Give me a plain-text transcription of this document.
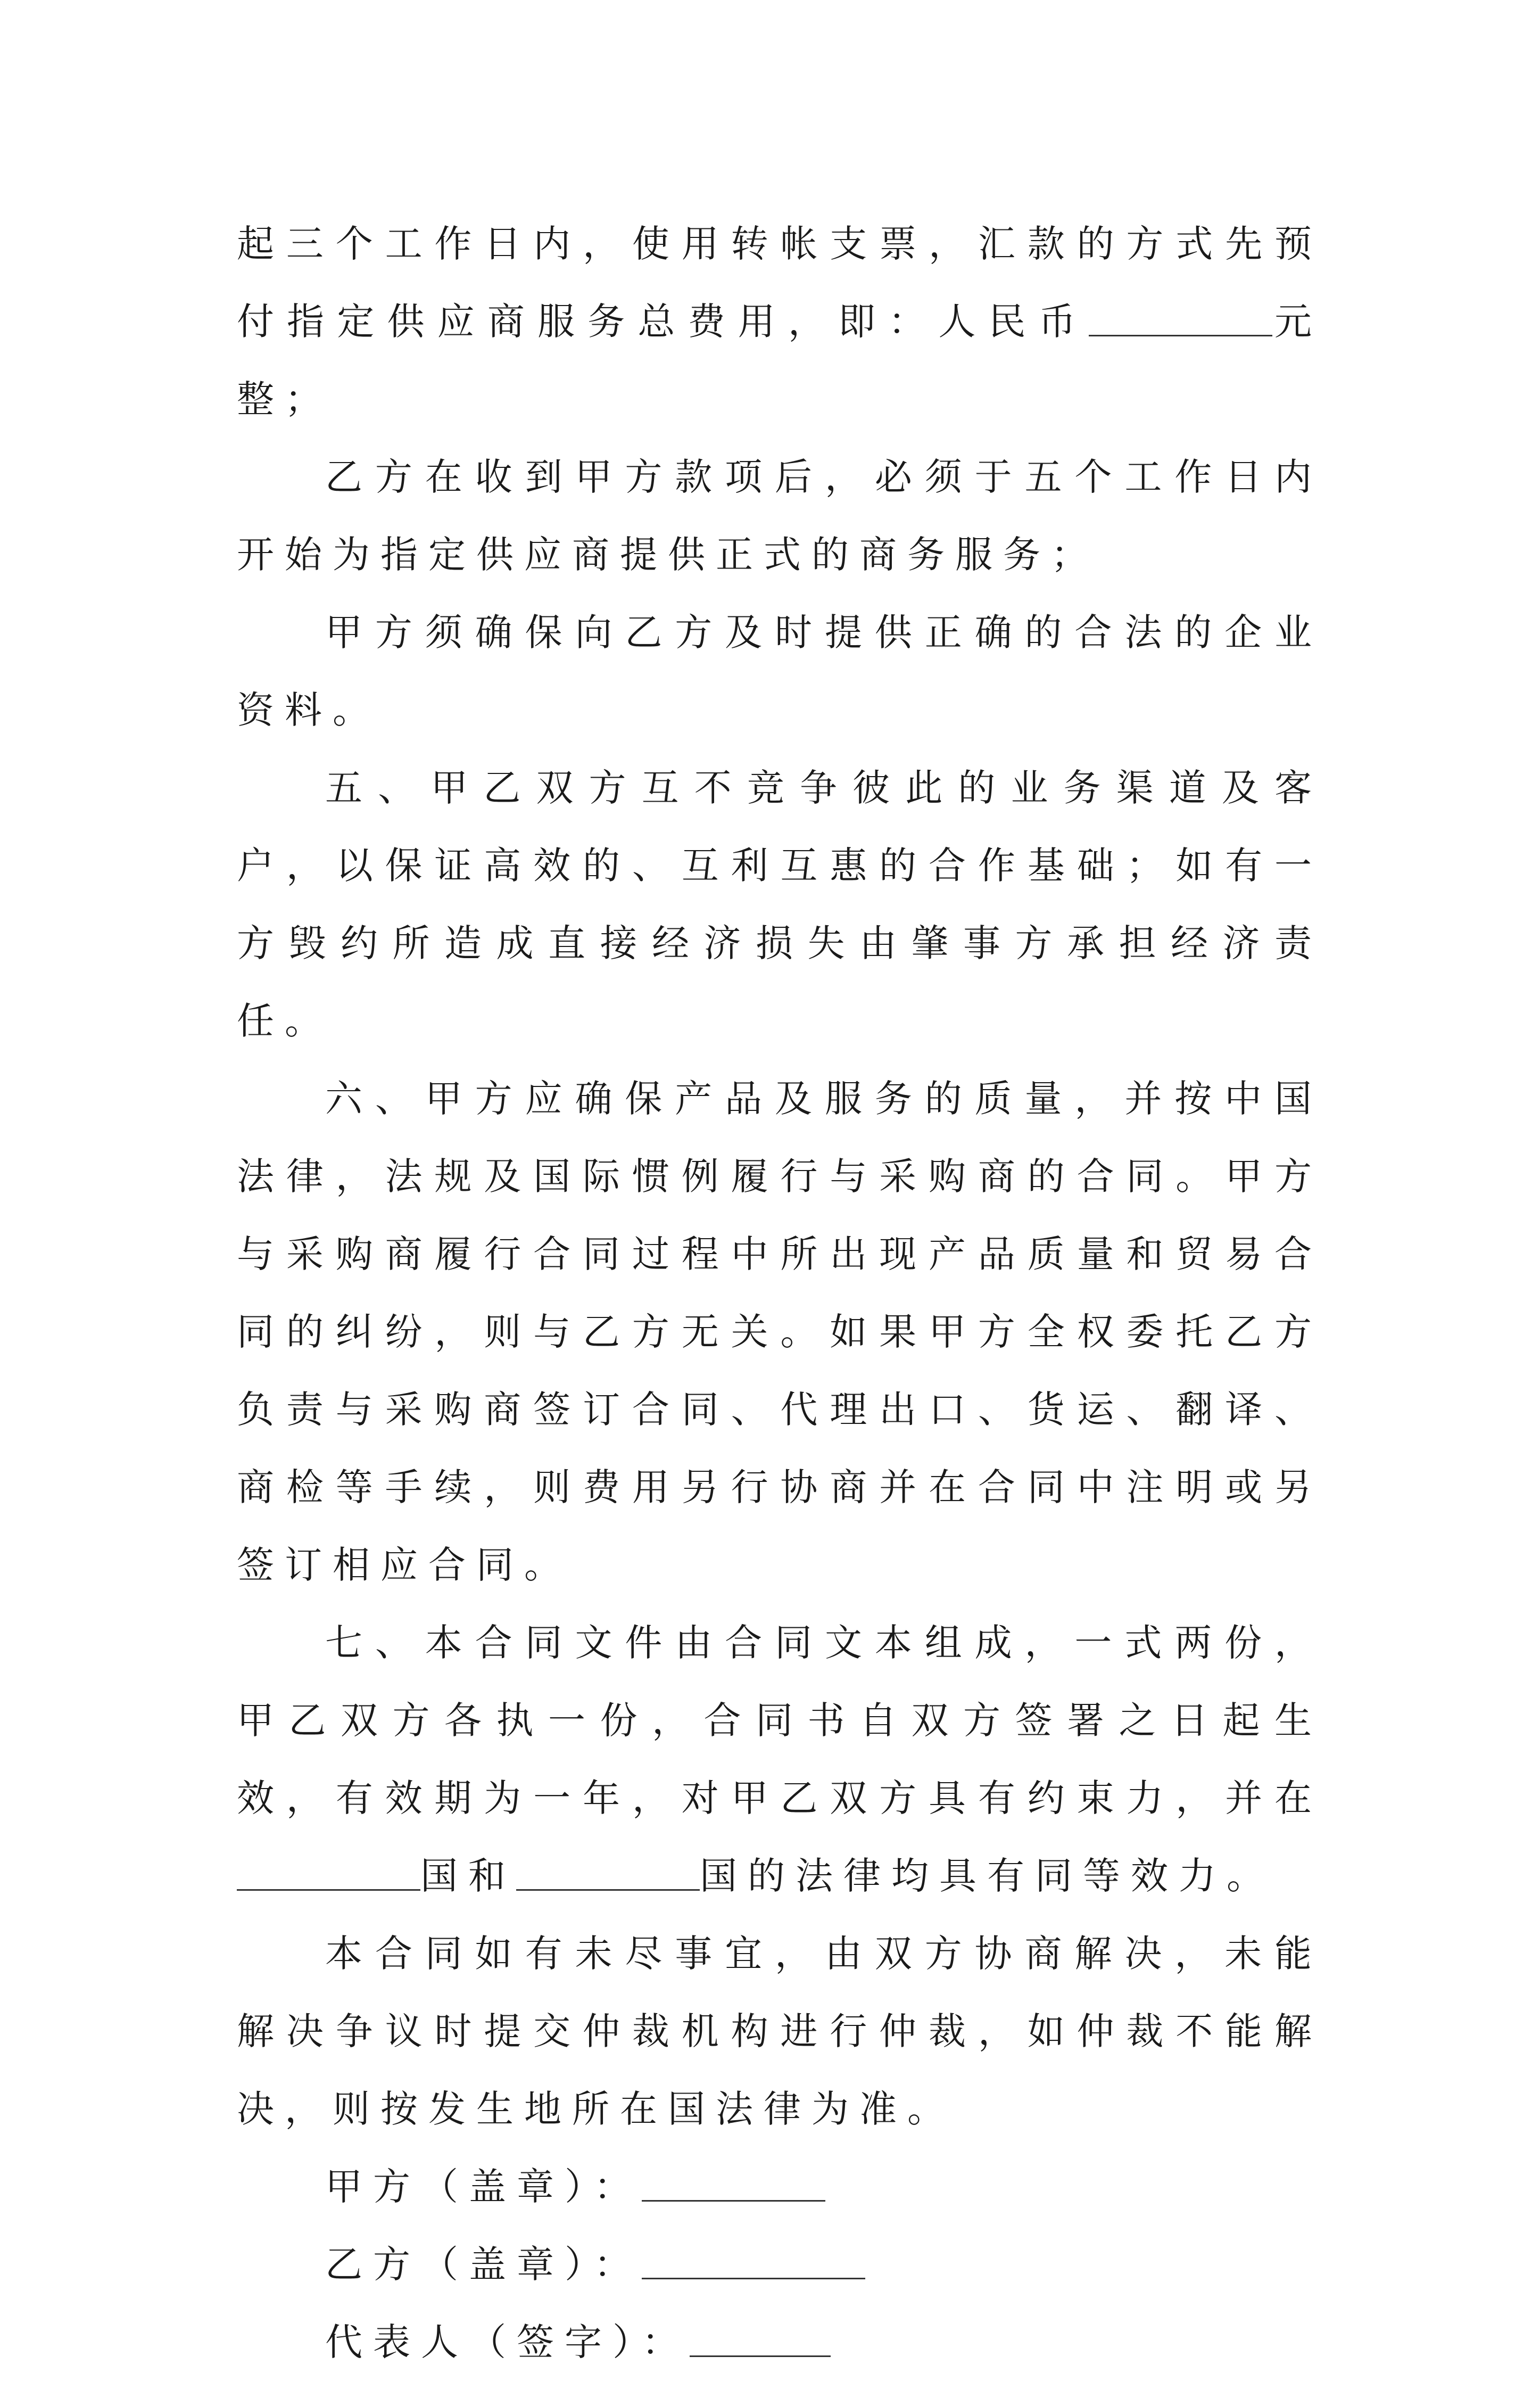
起三个工作日内，使用转帐支票，汇款的方式先预付指定供应商服务总费用，即：人民币	元整；

乙方在收到甲方款项后，必须于五个工作日内开始为指定供应商提供正式的商务服务；

甲方须确保向乙方及时提供正确的合法的企业资料。

五、甲乙双方互不竞争彼此的业务渠道及客户，以保证高效的、互利互惠的合作基础；如有一方毁约所造成直接经济损失由肇事方承担经济责任。

六、甲方应确保产品及服务的质量，并按中国法律，法规及国际惯例履行与采购商的合同。甲方与采购商履行合同过程中所出现产品质量和贸易合同的纠纷，则与乙方无关。如果甲方全权委托乙方负责与采购商签订合同、代理出口、货运、翻译、商检等手续，则费用另行协商并在合同中注明或另签订相应合同。

七、本合同文件由合同文本组成，一式两份，甲乙双方各执一份，合同书自双方签署之日起生效，有效期为一年，对甲乙双方具有约束力，并在国和	国的法律均具有同等效力。

本合同如有未尽事宜，由双方协商解决，未能解决争议时提交仲裁机构进行仲裁，如仲裁不能解决，则按发生地所在国法律为准。

甲方（盖章）：

乙方（盖章）：

代表人（签字）：
